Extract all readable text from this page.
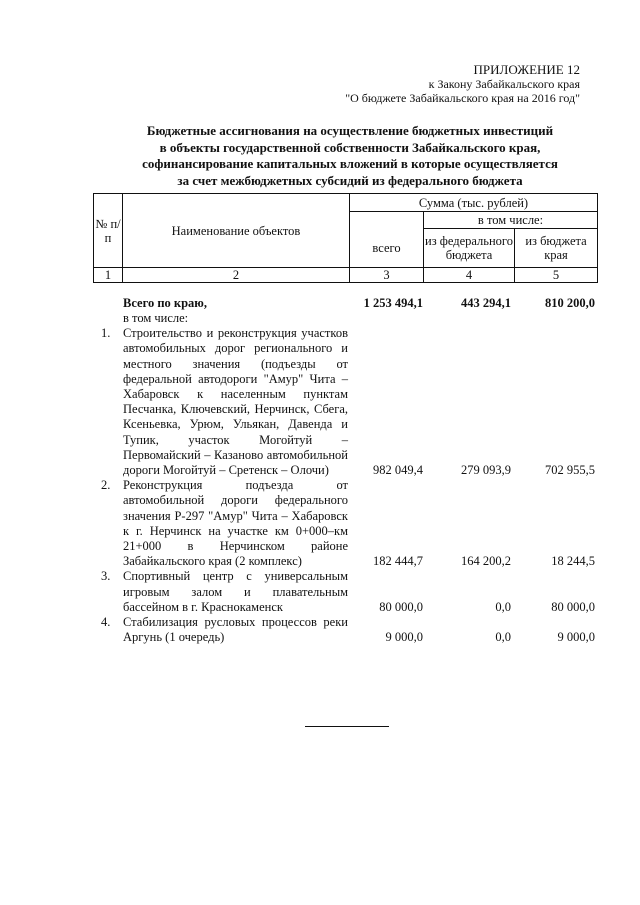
ПРИЛОЖЕНИЕ 12
к Закону Забайкальского края
"О бюджете Забайкальского края на 2016 год"
Бюджетные ассигнования на осуществление бюджетных инвестиций
в объекты государственной собственности Забайкальского края,
софинансирование капитальных вложений в которые осуществляется
за счет межбюджетных субсидий из федерального бюджета
№ п/п	Наименование объектов	Сумма (тыс. рублей)		
			в том числе:	
		всего	из федерального бюджета	из бюджета края
1	2	3	4	5
Всего по краю,	1 253 494,1	443 294,1	810 200,0
в том числе:
1.	Строительство и реконструкция участков автомобильных дорог регионального и местного значения (подъезды от федеральной автодороги "Амур" Чита – Хабаровск к населенным пунктам Песчанка, Ключевский, Нерчинск, Сбега, Ксеньевка, Урюм, Ульякан, Давенда и Тупик, участок Могойтуй – Первомайский – Казаново автомобильной дороги Могойтуй – Сретенск – Олочи)	982 049,4	279 093,9	702 955,5
2.	Реконструкция подъезда от автомобильной дороги федерального значения Р-297 "Амур" Чита – Хабаровск к г. Нерчинск на участке км 0+000–км 21+000 в Нерчинском районе Забайкальского края (2 комплекс)	182 444,7	164 200,2	18 244,5
3.	Спортивный центр с универсальным игровым залом и плавательным бассейном в г. Краснокаменск	80 000,0	0,0	80 000,0
4.	Стабилизация русловых процессов реки Аргунь (1 очередь)	9 000,0	0,0	9 000,0
